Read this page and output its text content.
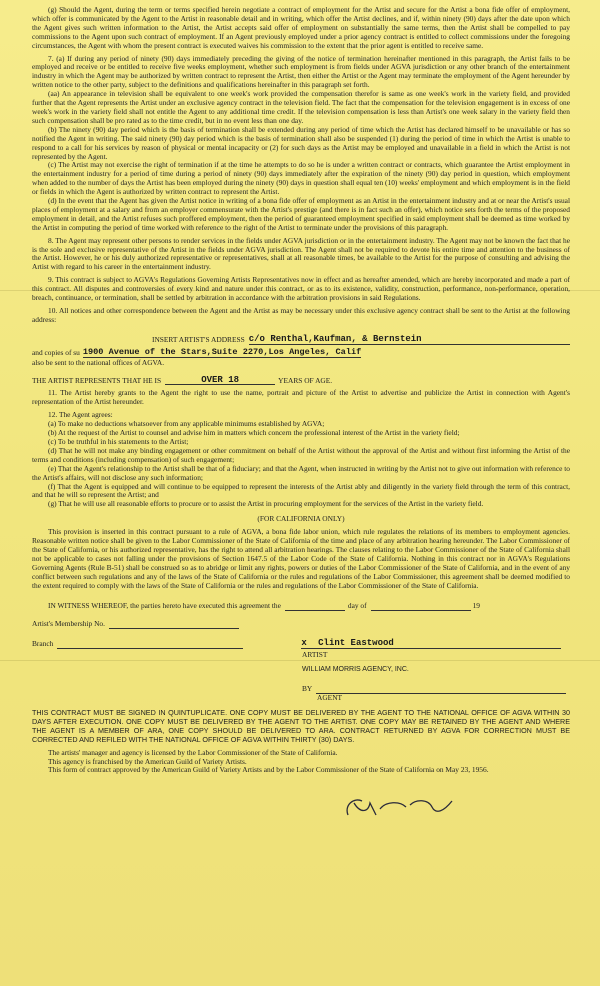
(g) Should the Agent, during the term or terms specified herein negotiate a contract of employment for the Artist and secure for the Artist a bona fide offer of employment, which offer is communicated by the Agent to the Artist in reasonable detail and in writing, which offer the Artist declines, and if, within ninety (90) days after the date upon which the Agent gives such written information to the Artist, the Artist accepts said offer of employment on substantially the same terms, then the Artist shall be compelled to pay commissions to the Agent upon such contract of employment. If an Agent previously employed under a prior agency contract is entitled to collect commissions under the foregoing circumstances, the Agent with whom the present contract is executed waives his commission to the extent that the prior agent is entitled to receive same.

7. (a) If during any period of ninety (90) days immediately preceding the giving of the notice of termination hereinafter mentioned in this paragraph, the Artist fails to be employed and receive or be entitled to receive five weeks employment, whether such employment is from fields under AGVA jurisdiction or any other branch of the entertainment industry in which the Agent may be authorized by written contract to represent the Artist, then either the Artist or the Agent may terminate the employment of the Agent hereunder by written notice to the other party, subject to the definitions and qualifications hereinafter in this paragraph set forth.

(aa) An appearance in television shall be equivalent to one week's work provided the compensation therefor is same as one week's work in the variety field, and provided further that the Agent represents the Artist under an exclusive agency contract in the television field. The fact that the compensation for the television engagement is in excess of one week's work in the variety field shall not entitle the Agent to any additional time credit. If the television compensation is less than Artist's one week salary in the variety field then such compensation shall be pro rated as to the time credit, but in no event less than one day.

(b) The ninety (90) day period which is the basis of termination shall be extended during any period of time which the Artist has declared himself to be unavailable or has so notified the Agent in writing. The said ninety (90) day period which is the basis of termination shall also be suspended (1) during the period of time in which the Artist is unable to respond to a call for his services by reason of physical or mental incapacity or (2) for such days as the Artist may be employed and unavailable in a field in which the Artist is not represented by the Agent.

(c) The Artist may not exercise the right of termination if at the time he attempts to do so he is under a written contract or contracts, which guarantee the Artist employment in the entertainment industry for a period of time during a period of ninety (90) days immediately after the expiration of the ninety (90) day period in question, which employment when added to the number of days the Artist has been employed during the ninety (90) days in question shall equal ten (10) weeks' employment and which employment is in the field or fields in which the Agent is authorized by written contract to represent the Artist.

(d) In the event that the Agent has given the Artist notice in writing of a bona fide offer of employment as an Artist in the entertainment industry and at or near the Artist's usual places of employment at a salary and from an employer commensurate with the Artist's prestige (and there is in fact such an offer), which notice sets forth the terms of the proposed employment in detail, and the Artist refuses such proffered employment, then the period of guaranteed employment specified in said employment shall be deemed as time worked by the Artist in computing the period of time worked with reference to the right of the Artist to terminate under the provisions of this paragraph.

8. The Agent may represent other persons to render services in the fields under AGVA jurisdiction or in the entertainment industry. The Agent may not be known the fact that he is the sole and exclusive representative of the Artist in the fields under AGVA jurisdiction. The Agent shall not be required to devote his entire time and attention to the business of the Artist. However, he or his duly authorized representative or representatives, shall at all reasonable times, be available to the Artist for the purpose of consulting and advising the Artist with regard to his career in the entertainment industry.

9. This contract is subject to AGVA's Regulations Governing Artists Representatives now in effect and as hereafter amended, which are hereby incorporated and made a part of this contract. All disputes and controversies of every kind and nature under this contract, or as to its existence, validity, construction, performance, non-performance, operation, breach, continuance, or termination, shall be settled by arbitration in accordance with the arbitration provisions in said Regulations.

10. All notices and other correspondence between the Agent and the Artist as may be necessary under this exclusive agency contract shall be sent to the Artist at the following address:

INSERT ARTIST'S ADDRESS c/o Renthal,Kaufman, & Bernstein
and copies of su 1900 Avenue of the Stars,Suite 2270,Los Angeles, Calif

also be sent to the national offices of AGVA.

THE ARTIST REPRESENTS THAT HE IS	OVER 18	YEARS OF AGE.

11. The Artist hereby grants to the Agent the right to use the name, portrait and picture of the Artist to advertise and publicize the Artist in connection with Agent's representation of the Artist hereunder.

12. The Agent agrees:

(a) To make no deductions whatsoever from any applicable minimums established by AGVA;

(b) At the request of the Artist to counsel and advise him in matters which concern the professional interest of the Artist in the variety field;

(c) To be truthful in his statements to the Artist;

(d) That he will not make any binding engagement or other commitment on behalf of the Artist without the approval of the Artist and without first informing the Artist of the terms and conditions (including compensation) of such engagement;

(e) That the Agent's relationship to the Artist shall be that of a fiduciary; and that the Agent, when instructed in writing by the Artist not to give out information with reference to the Artist's affairs, will not disclose any such information;

(f) That the Agent is equipped and will continue to be equipped to represent the interests of the Artist ably and diligently in the variety field through the term of this contract, and that he will so represent the Artist; and

(g) That he will use all reasonable efforts to procure or to assist the Artist in procuring employment for the services of the Artist in the variety field.

(FOR CALIFORNIA ONLY)

This provision is inserted in this contract pursuant to a rule of AGVA, a bona fide labor union, which rule regulates the relations of its members to employment agencies. Reasonable written notice shall be given to the Labor Commissioner of the State of California of the time and place of any arbitration hearing hereunder. The Labor Commissioner of the State of California, or his authorized representative, has the right to attend all arbitration hearings. The clauses relating to the Labor Commissioner of the State of California shall not be applicable to cases not falling under the provisions of Section 1647.5 of the Labor Code of the State of California. Nothing in this contract nor in AGVA's Regulations Governing Agents (Rule B-51) shall be construed so as to abridge or limit any rights, powers or duties of the Labor Commissioner of the State of California, and in the event of any conflict between such regulations and any of the laws of the State of California or the rules and regulations of the Labor Commissioner, this agreement shall be deemed modified to the extent required to comply with the laws of the State of California or the rules and regulations of the Labor Commissioner of the State of California.

IN WITNESS WHEREOF, the parties hereto have executed this agreement the
	day of
	19
Artist's Membership No.

Branch
	x Clint Eastwood

ARTIST

WILLIAM MORRIS AGENCY, INC.

BY

AGENT

THIS CONTRACT MUST BE SIGNED IN QUINTUPLICATE. ONE COPY MUST BE DELIVERED BY THE AGENT TO THE NATIONAL OFFICE OF AGVA WITHIN 30 DAYS AFTER EXECUTION. ONE COPY MUST BE DELIVERED BY THE AGENT TO THE ARTIST. ONE COPY MAY BE RETAINED BY THE AGENT AND WHERE THE AGENT IS A MEMBER OF ARA, ONE COPY SHOULD BE DELIVERED TO ARA. CONTRACT RETURNED BY AGVA FOR CORRECTION MUST BE CORRECTED AND REFILED WITH THE NATIONAL OFFICE OF AGVA WITHIN THIRTY (30) DAYS.

The artists' manager and agency is licensed by the Labor Commissioner of the State of California.

This agency is franchised by the American Guild of Variety Artists.

This form of contract approved by the American Guild of Variety Artists and by the Labor Commissioner of the State of California on May 23, 1956.
